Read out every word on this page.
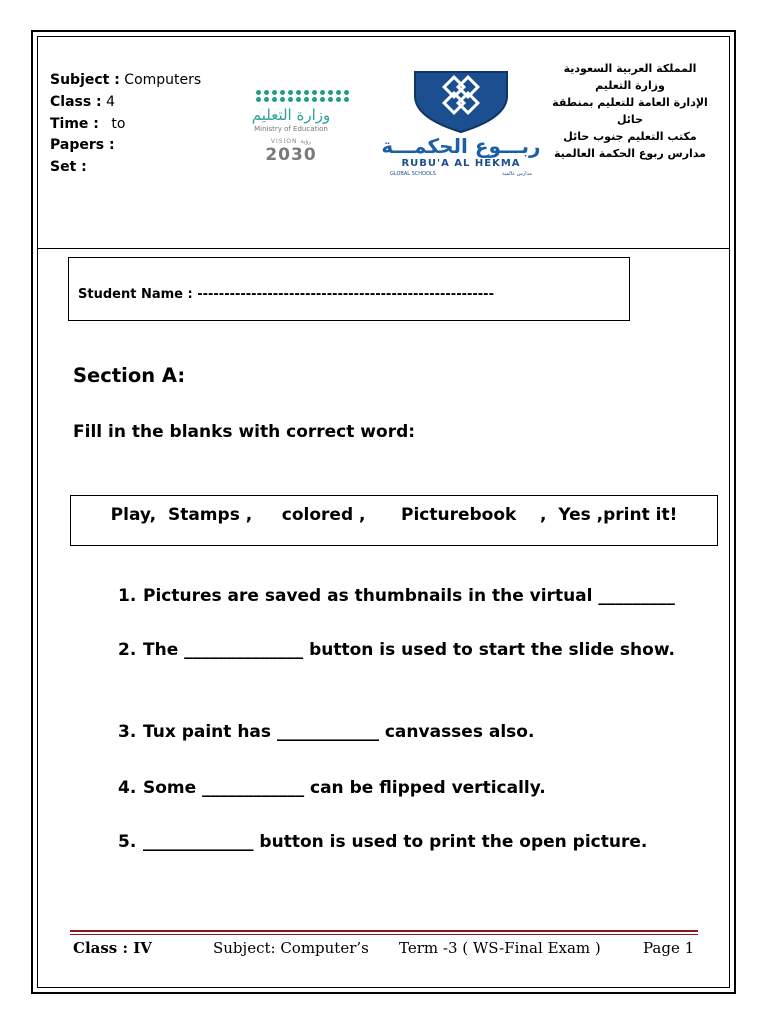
Subject : Computers
Class : 4
Time : to
Papers :
Set :
وزارة التعليم
Ministry of Education
VISION رؤية
2030	ربـــوع الحكمـــة
RUBU'A AL HEKMA
GLOBAL SCHOOLS	مدارس عالمية
المملكة العربية السعودية
وزارة التعليم
الإدارة العامة للتعليم بمنطقة حائل
مكتب التعليم جنوب حائل
مدارس ربوع الحكمة العالمية
Student Name : -------------------------------------------------------
Section A:
Fill in the blanks with correct word:
Play,  Stamps ,     colored ,      Picturebook    ,  Yes ,print it!
1. Pictures are saved as thumbnails in the virtual _________
2. The ______________ button is used to start the slide show.
3. Tux paint has ____________ canvasses also.
4. Some ____________ can be flipped vertically.
5. _____________ button is used to print the open picture.
Class : IV	Subject: Computer’s Term -3 ( WS-Final Exam )	Page 1
